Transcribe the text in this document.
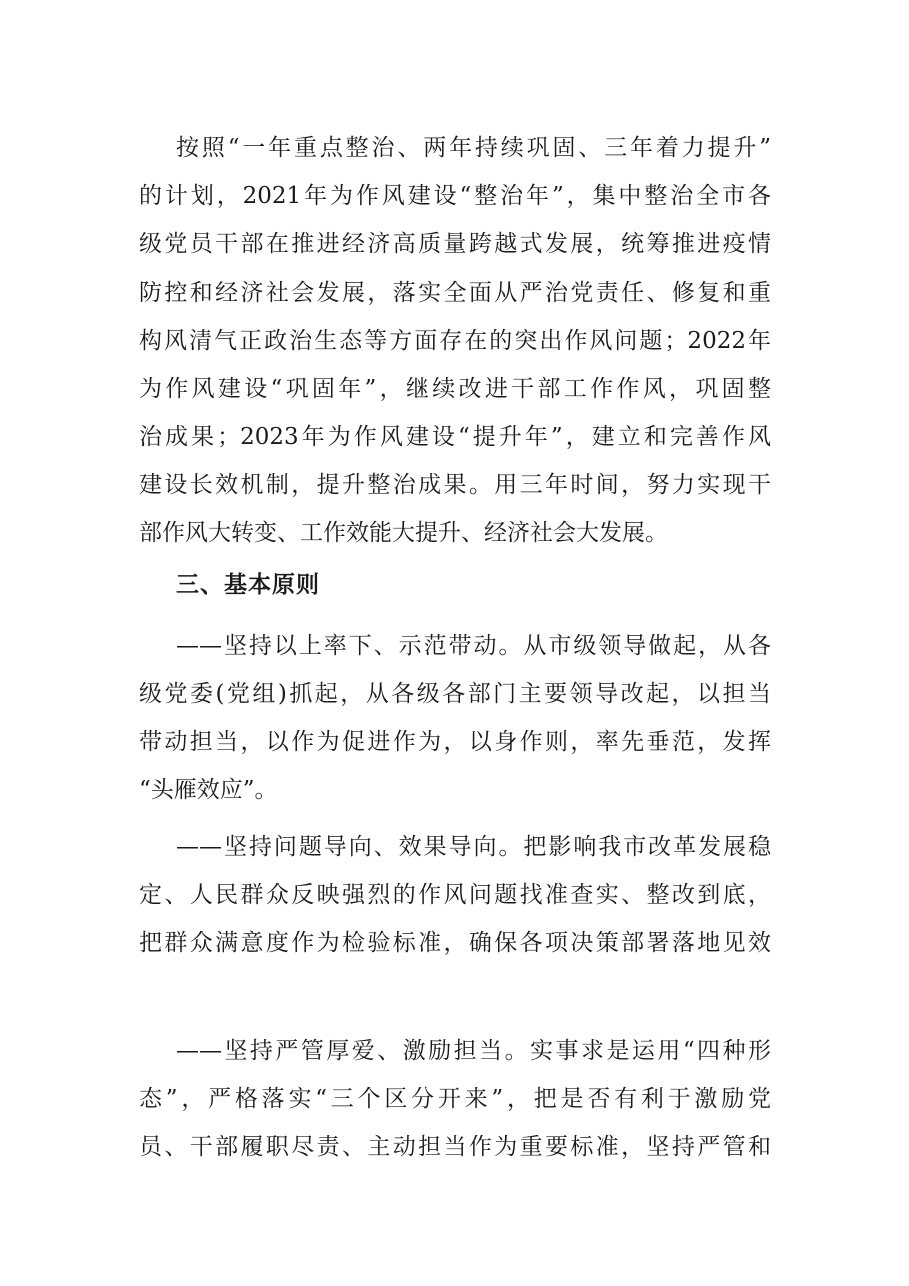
按照“一年重点整治、两年持续巩固、三年着力提升”
的计划，2021年为作风建设“整治年”，集中整治全市各
级党员干部在推进经济高质量跨越式发展，统筹推进疫情
防控和经济社会发展，落实全面从严治党责任、修复和重
构风清气正政治生态等方面存在的突出作风问题；2022年
为作风建设“巩固年”，继续改进干部工作作风，巩固整
治成果；2023年为作风建设“提升年”，建立和完善作风
建设长效机制，提升整治成果。用三年时间，努力实现干
部作风大转变、工作效能大提升、经济社会大发展。
三、基本原则
——坚持以上率下、示范带动。从市级领导做起，从各
级党委(党组)抓起，从各级各部门主要领导改起，以担当
带动担当，以作为促进作为，以身作则，率先垂范，发挥
“头雁效应”。
——坚持问题导向、效果导向。把影响我市改革发展稳
定、人民群众反映强烈的作风问题找准查实、整改到底，
把群众满意度作为检验标准，确保各项决策部署落地见效
——坚持严管厚爱、激励担当。实事求是运用“四种形
态”，严格落实“三个区分开来”，把是否有利于激励党
员、干部履职尽责、主动担当作为重要标准，坚持严管和
